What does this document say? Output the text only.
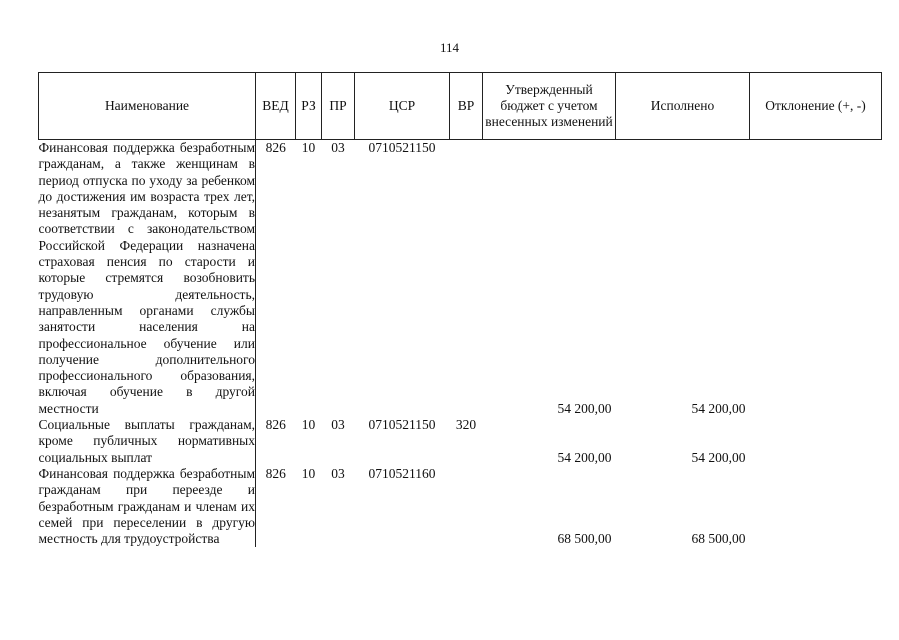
114
Наименование	ВЕД	РЗ	ПР	ЦСР	ВР	Утвержденный бюджет с учетом внесенных изменений	Исполнено	Отклонение (+, -)
Финансовая поддержка безработным гражданам, а также женщинам в период отпуска по уходу за ребенком до достижения им возраста трех лет, незанятым гражданам, которым в соответствии с законодательством Российской Федерации назначена страховая пенсия по старости и которые стремятся возобновить трудовую деятельность, направленным органами службы занятости населения на профессиональное обучение или получение дополнительного профессионального образования, включая обучение в другой местности	826	10	03	0710521150		54 200,00	54 200,00	
Социальные выплаты гражданам, кроме публичных нормативных социальных выплат	826	10	03	0710521150	320	54 200,00	54 200,00	
Финансовая поддержка безработным гражданам при переезде и безработным гражданам и членам их семей при переселении в другую местность для трудоустройства	826	10	03	0710521160		68 500,00	68 500,00	
